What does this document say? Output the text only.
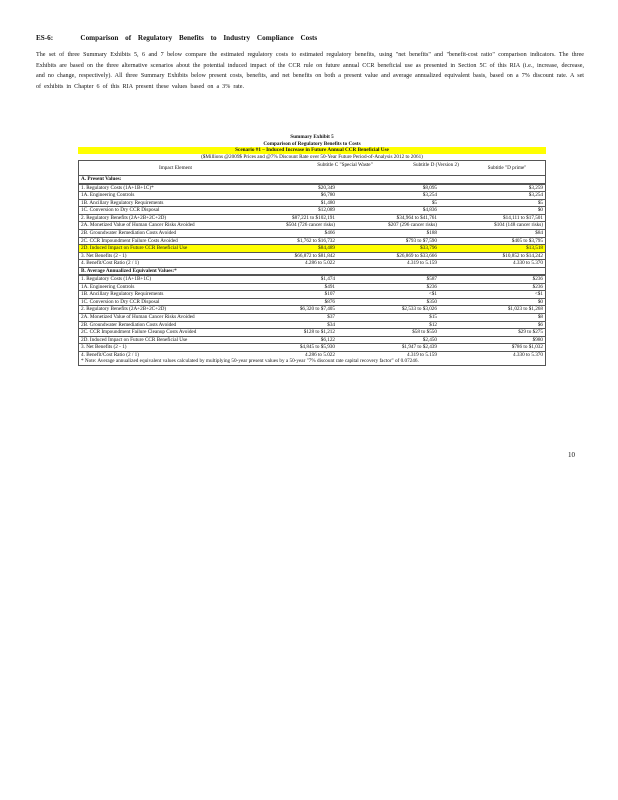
ES-6:	Comparison of Regulatory Benefits to Industry Compliance Costs
The set of three Summary Exhibits 5, 6 and 7 below compare the estimated regulatory costs to estimated regulatory benefits, using "net benefits" and "benefit-cost ratio" comparison indicators. The three Exhibits are based on the three alternative scenarios about the potential induced impact of the CCR rule on future annual CCR beneficial use as presented in Section 5C of this RIA (i.e., increase, decrease, and no change, respectively). All three Summary Exhibits below present costs, benefits, and net benefits on both a present value and average annualized equivalent basis, based on a 7% discount rate. A set of exhibits in Chapter 6 of this RIA present these values based on a 3% rate.
Summary Exhibit 5
Comparison of Regulatory Benefits to Costs
Scenario #1 – Induced Increase in Future Annual CCR Beneficial Use
($Millions @2009$ Prices and @7% Discount Rate over 50-Year Future Period-of-Analysis 2012 to 2061)
Impact Element	Subtitle C "Special Waste"	Subtitle D (Version 2)	Subtitle "D prime"
A. Present Values:
1. Regulatory Costs (1A+1B+1C)*	$20,349	$8,095	$3,259
1A. Engineering Controls	$6,780	$3,254	$3,254
1B. Ancillary Regulatory Requirements	$1,480	$5	$5
1C. Conversion to Dry CCR Disposal	$12,089	$4,836	$0
2. Regulatory Benefits (2A+2B+2C+2D)	$87,221 to $102,191	$34,964 to $41,761	$14,111 to $17,501
2A. Monetized Value of Human Cancer Risks Avoided	$504 (726 cancer risks)	$207 (296 cancer risks)	$104 (148 cancer risks)
2B. Groundwater Remediation Costs Avoided	$466	$188	$84
2C. CCR Impoundment Failure Costs Avoided	$1,762 to $16,732	$793 to $7,590	$405 to $3,795
2D. Induced Impact on Future CCR Beneficial Use	$84,489	$33,796	$13,518
3. Net Benefits (2 - 1)	$66,872 to $81,842	$26,869 to $33,666	$10,852 to $14,242
4. Benefit/Cost Ratio (2 / 1)	4.286 to 5.022	4.319 to 5.159	4.330 to 5.370
B. Average Annualized Equivalent Values:*
1. Regulatory Costs (1A+1B+1C)	$1,474	$587	$236
1A. Engineering Controls	$491	$236	$236
1B. Ancillary Regulatory Requirements	$107	<$1	<$1
1C. Conversion to Dry CCR Disposal	$876	$350	$0
2. Regulatory Benefits (2A+2B+2C+2D)	$6,320 to $7,405	$2,533 to $3,026	$1,023 to $1,268
2A. Monetized Value of Human Cancer Risks Avoided	$37	$15	$8
2B. Groundwater Remediation Costs Avoided	$34	$12	$6
2C. CCR Impoundment Failure Cleanup Costs Avoided	$128 to $1,212	$58 to $550	$29 to $275
2D. Induced Impact on Future CCR Beneficial Use	$6,122	$2,450	$980
3. Net Benefits (2 - 1)	$4,845 to $5,930	$1,947 to $2,439	$786 to $1,032
4. Benefit/Cost Ratio (2 / 1)	4.286 to 5.022	4.319 to 5.159	4.330 to 5.370
* Note: Average annualized equivalent values calculated by multiplying 50-year present values by a 50-year "7% discount rate capital recovery factor" of 0.07246.
10
